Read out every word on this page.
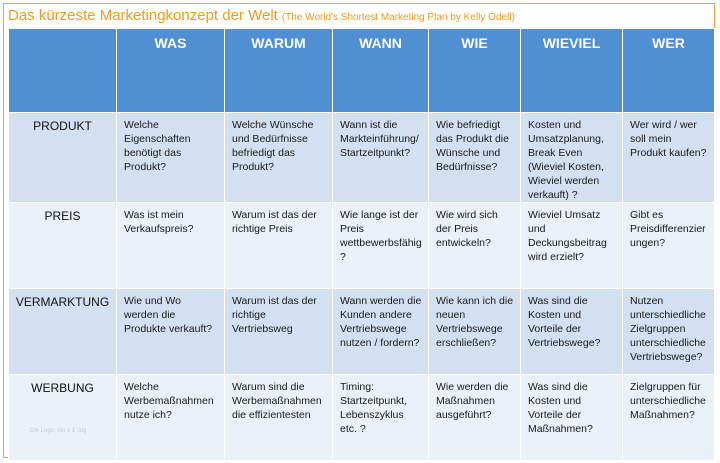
Das kürzeste Marketingkonzept der Welt (The World's Shortest Marketing Plan by Kelly Odell)
	WAS	WARUM	WANN	WIE	WIEVIEL	WER
PRODUKT	Welche Eigenschaften benötigt das Produkt?	Welche Wünsche und Bedürfnisse befriedigt das Produkt?	Wann ist die Markteinführung/ Startzeitpunkt?	Wie befriedigt das Produkt die Wünsche und Bedürfnisse?	Kosten und Umsatzplanung, Break Even (Wieviel Kosten, Wieviel werden verkauft) ?	Wer wird / wer soll mein Produkt kaufen?
PREIS	Was ist mein Verkaufspreis?	Warum ist das der richtige Preis	Wie lange ist der Preis wettbewerbsfähig ?	Wie wird sich der Preis entwickeln?	Wieviel Umsatz und Deckungsbeitrag wird erzielt?	Gibt es Preisdifferenzier ungen?
VERMARKTUNG	Wie und Wo werden die Produkte verkauft?	Warum ist das der richtige Vertriebsweg	Wann werden die Kunden andere Vertriebswege nutzen / fordern?	Wie kann ich die neuen Vertriebswege erschließen?	Was sind die Kosten und Vorteile der Vertriebswege?	Nutzen unterschiedliche Zielgruppen unterschiedliche Vertriebswege?
WERBUNG	Welche Werbemaßnahmen nutze ich?	Warum sind die Werbemaßnahmen die effizientesten	Timing: Startzeitpunkt, Lebenszyklus etc. ?	Wie werden die Maßnahmen ausgeführt?	Was sind die Kosten und Vorteile der Maßnahmen?	Zielgruppen für unterschiedliche Maßnahmen?
Die Logo: bio x 1 .log
